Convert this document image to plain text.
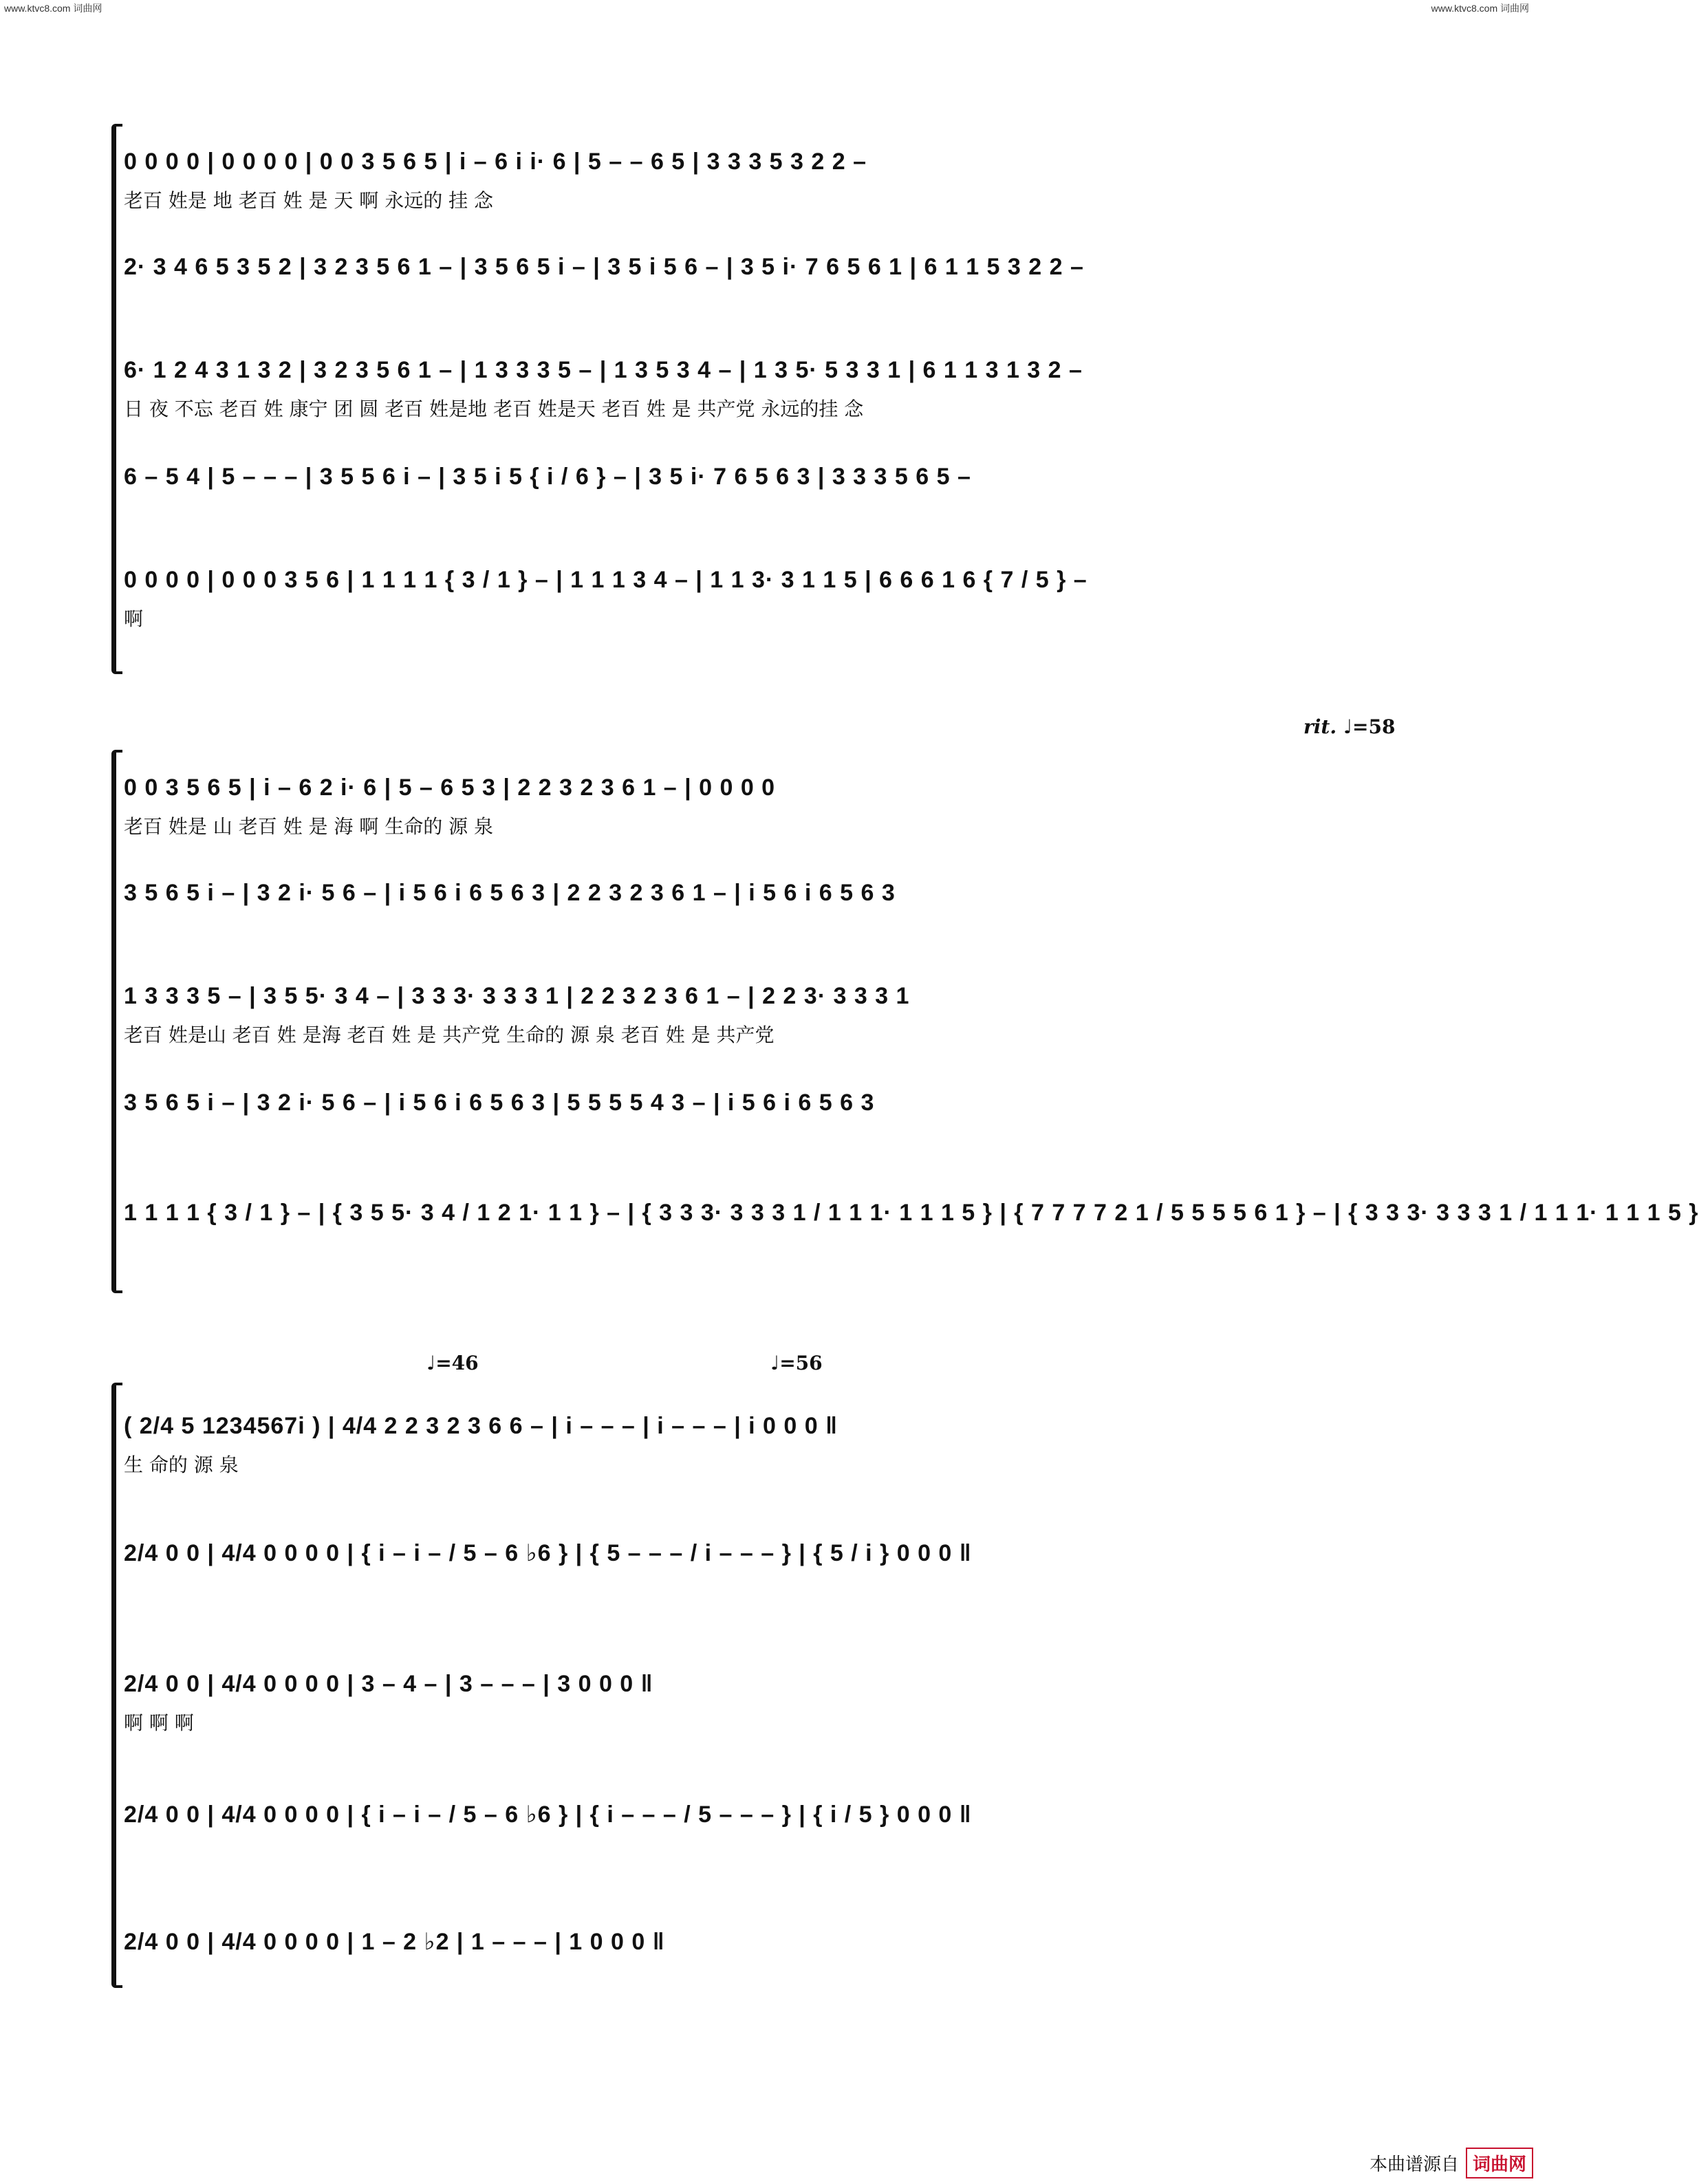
www.ktvc8.com 词曲网	www.ktvc8.com 词曲网
0 0 0 0 | 0 0 0 0 | 0 0 3 5 6 5 | i – 6 i i· 6 | 5 – – 6 5 | 3 3 3 5 3 2 2 –
老百 姓是 地 老百 姓 是 天 啊 永远的 挂 念
2· 3 4 6 5 3 5 2 | 3 2 3 5 6 1 – | 3 5 6 5 i – | 3 5 i 5 6 – | 3 5 i· 7 6 5 6 1 | 6 1 1 5 3 2 2 –
6· 1 2 4 3 1 3 2 | 3 2 3 5 6 1 – | 1 3 3 3 5 – | 1 3 5 3 4 – | 1 3 5· 5 3 3 1 | 6 1 1 3 1 3 2 –
日 夜 不忘 老百 姓 康宁 团 圆 老百 姓是地 老百 姓是天 老百 姓 是 共产党 永远的挂 念
6 – 5 4 | 5 – – – | 3 5 5 6 i – | 3 5 i 5 { i / 6 } – | 3 5 i· 7 6 5 6 3 | 3 3 3 5 6 5 –
0 0 0 0 | 0 0 0 3 5 6 | 1 1 1 1 { 3 / 1 } – | 1 1 1 3 4 – | 1 1 3· 3 1 1 5 | 6 6 6 1 6 { 7 / 5 } –
啊
rit. ♩=58
0 0 3 5 6 5 | i – 6 2 i· 6 | 5 – 6 5 3 | 2 2 3 2 3 6 1 – | 0 0 0 0
老百 姓是 山 老百 姓 是 海 啊 生命的 源 泉
3 5 6 5 i – | 3 2 i· 5 6 – | i 5 6 i 6 5 6 3 | 2 2 3 2 3 6 1 – | i 5 6 i 6 5 6 3
1 3 3 3 5 – | 3 5 5· 3 4 – | 3 3 3· 3 3 3 1 | 2 2 3 2 3 6 1 – | 2 2 3· 3 3 3 1
老百 姓是山 老百 姓 是海 老百 姓 是 共产党 生命的 源 泉 老百 姓 是 共产党
3 5 6 5 i – | 3 2 i· 5 6 – | i 5 6 i 6 5 6 3 | 5 5 5 5 4 3 – | i 5 6 i 6 5 6 3
1 1 1 1 { 3 / 1 } – | { 3 5 5· 3 4 / 1 2 1· 1 1 } – | { 3 3 3· 3 3 3 1 / 1 1 1· 1 1 1 5 } | { 7 7 7 7 2 1 / 5 5 5 5 6 1 } – | { 3 3 3· 3 3 3 1 / 1 1 1· 1 1 1 5 }
♩=46	♩=56
( 2/4 5 1234567i ) | 4/4 2 2 3 2 3 6 6 – | i – – – | i – – – | i 0 0 0 ‖
生 命的 源 泉
2/4 0 0 | 4/4 0 0 0 0 | { i – i – / 5 – 6 ♭6 } | { 5 – – – / i – – – } | { 5 / i } 0 0 0 ‖
2/4 0 0 | 4/4 0 0 0 0 | 3 – 4 – | 3 – – – | 3 0 0 0 ‖
啊 啊 啊
2/4 0 0 | 4/4 0 0 0 0 | { i – i – / 5 – 6 ♭6 } | { i – – – / 5 – – – } | { i / 5 } 0 0 0 ‖
2/4 0 0 | 4/4 0 0 0 0 | 1 – 2 ♭2 | 1 – – – | 1 0 0 0 ‖
本曲谱源自 词曲网
